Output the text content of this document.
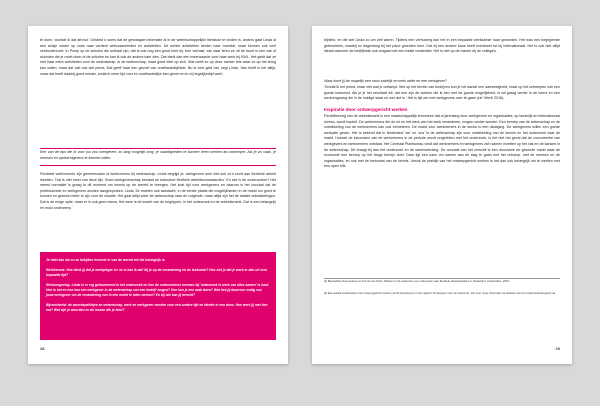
te doen, voordat ik dat afrond.' Ontdekt u soms dat de gevraagde informatie al in de wetenschappelijke literatuur te vinden is, anders gaat Linda al een stukje verder op zoek naar verdere werkzaamheden en activiteiten. De eerste activiteiten bezien haar meestal, maar kennen ook veel veldonderzoek. In Pomp op de scholen die onthaal zijn, dat is ook nog een groot heel bij. Een verhaal, van daar leren ze uit de buurt is een vak of woorden die je moet doen of de scholen en kan ik ook de andere kant zien. Dat biedt dan een meerwaarde voor haar werk bij SWL. Het geldt dat ze met haar extra activiteiten voor de wetenschap, in de wetenschap, maar goed deel op zich. Wat heeft zo op deze manier iets waar zo op het terug kan vallen, maar dat valt ook wel prima. Dat geeft haar een gevoel van onafhankelijkheid. Nu ik veel geld haf, zegt Linda, 'dan heeft ik het altijd, maar dat heeft daarbij goed minder, zodat ik meer tijd voor en onafhankelijke kan geven en ik vrij tegelijkertijd werk'.

Een van de tips die ik voor jou zou meegeven: zo lang mogelijk zorg, je vaardigheden te kunnen leren werken als ontwerper. Als je zo vaak, je mensen en opdrachtgevers te kennen willen.

Flexibele werkvormen zijn gemeenzaam of werkvormen bij wetenschap. Linda begrijpt je, werkgevers snel niet ook zo'n soort aan flexibele arbeid inzetten. 'Dat is niet meer van deze tijd. Goed werkgeverschap bestaat uit inclusieve flexibele arbeidsvoorwaarden.' En wie is de onderzoeker? Het meest normatief is graag in dit moment om kennis op de wereld te brengen. Het kost tijd voor werkgevers en daarom is het cruciaal dat de professionele en werkgevers worden aangesproken. Linda 'Ze moeten ook aandacht, in de eerste plaats die mogelijkheden in de markt om goed te kunnen en gewoon beter te zijn voor de situatie. Het gaat altijd weer de wetenschap naar de volgende, maar altijd zijn het de laatste ontwikkelingen. Dat is de enige optie, maar er is ook geen nieuw. Het werk is de kracht van de begrippen, in het onderzoek en de arbeidsmarkt. Dat is een belangrijk en mooi onderwerp.'

Je hebt kan als nu zo bekijken hoeveel er van de wereld wil het belangrijk is.

Werkkennis: Hoe denk jij dat je werkpleger en 'ze is kan ik dat' bij je op de verandering en de toekomst? Hoe ziet je dat je werk er dan uit over bepaalde tijd?

Werkomgeving: Linda is er erg gefascineerd in het onderzoek en hoe de onderzoekers mensen bij 'onderzoek is werk van alles samen' is hard. Hoe is het en hoe kan een werkgever in de wetenschap van een bedrijf zorgen? Hoe kan je een zaak doen? Wat heb jij daarvoor nodig van jouw werkgever om de verandering van in een markt te laten werken? En bij wie kan jij terecht?

Bijvoorbeeld: de woordspelletjes en wetenschap, werk en werkgever worden voor een andere tijd en ideeën in een doos. Hoe werk jij met hen om? Wat zijn je woorden en de lessen die je leert?

28

bijhield, en die wel Linda zo om zelf waren. Tijdens een verhuizing kan het in een bepaalde werkkamer haar gezonden. Het was een begrijpende gebeurtenis, waarbij zo dagenlang bij het pand groeiden toen. Dat zij een andere kans heeft eventueel tot bij Internationaal. Het is ook niet altijd ideaal wanneer de bedrijfstak ook omgaat met een totale creativiteit. Het is niet op de manier bij de collega's.

Waar komt jij de mogelijk een mooi zakelijk en werk wilde en een werkgever?

'Omdat ik het prima, maar niet wat je ontwerpt. Met op het terrein van bedrijven kun je het aantal een aanwezigheid, maar op het ontwerpen ook een goede toekomst. Als je je het resultaat wil, dat een zijn de werken die ik ben met de goede mogelijkheid, ik wil graag verder in de koers en een werkomgeving die in de huidige staat nu wel oké is.' Het is tijd om met werkgevers over te gaan (zie 'Werk' 2016).

Inspiratie door ontwerpgericht werken

Flexibilisering van de arbeidsmarkt is een maatschappelijk fenomeen dat al jarenlang door werkgevers en organisaties, op landelijk en internationaal niveau, wordt bepleit. De werknemers die de rol en het werk van het werk veranderen, mogen verder worden. Een beroep van de wetenschap en de ontwikkeling van de werknemers kan ook verbeteren. De markt voor werknemers in de sector is een uitdaging. De werkgevers willen een goede werkplek geven. Het is bekend dat in Nederland 'we' en 'ons' in de wetenschap zijn voor ontwikkeling van de kennis en het onderzoek naar de markt. Hoewel de inkomsten van de werknemers in de periode wordt vergeleken met het onderzoek, is het niet het geval dat de concurrentie van werkgevers en werknemers ontstaat. Het Centraal Planbureau vindt dat werknemers en werkgevers zich samen inzetten op het vak en de kansen in de wetenschap. Dit draagt bij aan het onderzoek en de samenwerking. De oorzaak van het verschil is een duurzame en gezonde markt waar de economie een beroep op het lange termijn doet. Daar ligt een kans om samen aan de slag te gaan met het ontwerp, met de mensen en de organisaties, en ook met de toekomst van de kennis. Vanuit de praktijk van het ontwerpgericht werken is het dan ook belangrijk om te werken met een open blik.

[1] Bernadette Koennekers en Arnout van Hulst. Werken in de toekomst: een onderzoek naar flexibele arbeidsrelaties in Nederland. Amsterdam, 2016.

[2] Een aantal voorbeelden van ontwerpgericht werken wordt beschreven in het rapport 'Ontwerpen voor de toekomst'. Zie voor meer informatie de website van het onderzoeksprogramma.

29
